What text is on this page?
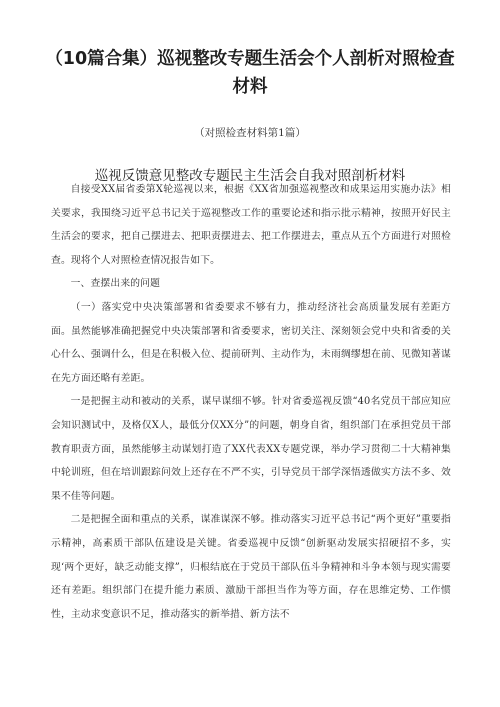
（10篇合集）巡视整改专题生活会个人剖析对照检查
材料
（对照检查材料第1篇）
巡视反馈意见整改专题民主生活会自我对照剖析材料

自接受XX届省委第X轮巡视以来，根据《XX省加强巡视整改和成果运用实施办法》相关要求，我围绕习近平总书记关于巡视整改工作的重要论述和指示批示精神，按照开好民主生活会的要求，把自己摆进去、把职责摆进去、把工作摆进去，重点从五个方面进行对照检查。现将个人对照检查情况报告如下。

一、查摆出来的问题

（一）落实党中央决策部署和省委要求不够有力，推动经济社会高质量发展有差距方面。虽然能够准确把握党中央决策部署和省委要求，密切关注、深刻领会党中央和省委的关心什么、强调什么，但是在积极入位、提前研判、主动作为，未雨绸缪想在前、见微知著谋在先方面还略有差距。

一是把握主动和被动的关系，谋早谋细不够。针对省委巡视反馈“40名党员干部应知应会知识测试中，及格仅X人，最低分仅XX分”的问题，朝身自省，组织部门在承担党员干部教育职责方面，虽然能够主动谋划打造了XX代表XX专题党课，举办学习贯彻二十大精神集中轮训班，但在培训跟踪问效上还存在不严不实，引导党员干部学深悟透做实方法不多、效果不佳等问题。

二是把握全面和重点的关系，谋准谋深不够。推动落实习近平总书记“两个更好”重要指示精神，高素质干部队伍建设是关键。省委巡视中反馈“创新驱动发展实招硬招不多，实现‘两个更好，缺乏动能支撑”，归根结底在于党员干部队伍斗争精神和斗争本领与现实需要还有差距。组织部门在提升能力素质、激励干部担当作为等方面，存在思维定势、工作惯性，主动求变意识不足，推动落实的新举措、新方法不
